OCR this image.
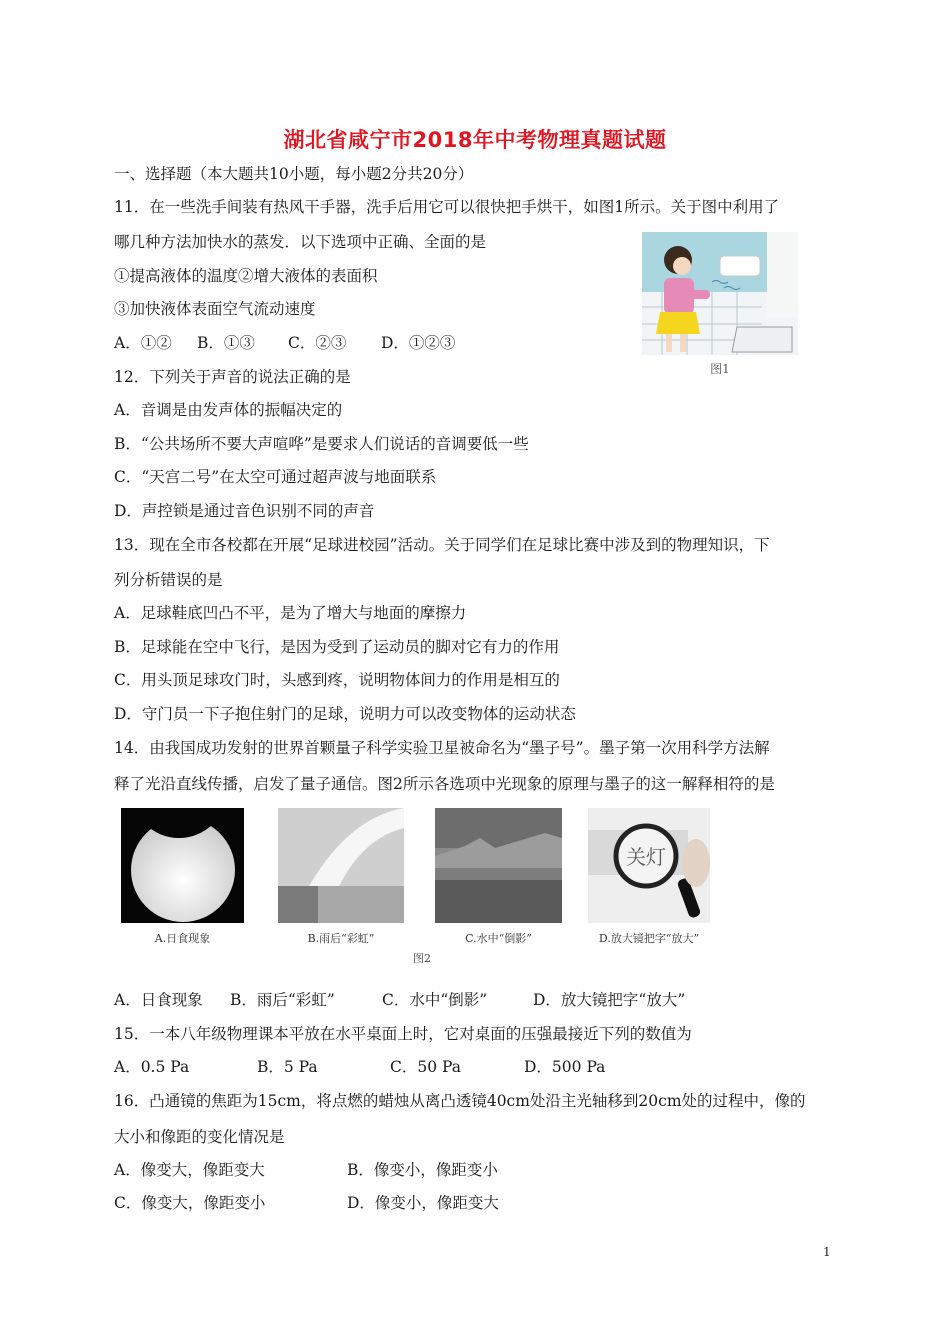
湖北省咸宁市2018年中考物理真题试题
一、选择题（本大题共10小题，每小题2分共20分）
11．在一些洗手间装有热风干手器，洗手后用它可以很快把手烘干，如图1所示。关于图中利用了
哪几种方法加快水的蒸发．以下选项中正确、全面的是
①提高液体的温度②增大液体的表面积
③加快液体表面空气流动速度
A．①② B．①③ C．②③ D．①②③
图1
12．下列关于声音的说法正确的是
A．音调是由发声体的振幅决定的
B．“公共场所不要大声喧哗”是要求人们说话的音调要低一些
C．“天宫二号”在太空可通过超声波与地面联系
D．声控锁是通过音色识别不同的声音
13．现在全市各校都在开展“足球进校园”活动。关于同学们在足球比赛中涉及到的物理知识，下
列分析错误的是
A．足球鞋底凹凸不平，是为了增大与地面的摩擦力
B．足球能在空中飞行，是因为受到了运动员的脚对它有力的作用
C．用头顶足球攻门时，头感到疼，说明物体间力的作用是相互的
D．守门员一下子抱住射门的足球，说明力可以改变物体的运动状态
14．由我国成功发射的世界首颗量子科学实验卫星被命名为“墨子号”。墨子第一次用科学方法解
释了光沿直线传播，启发了量子通信。图2所示各选项中光现象的原理与墨子的这一解释相符的是
关灯
A.日食现象	B.雨后“彩虹”	C.水中“倒影”	D.放大镜把字“放大”
图2
A．日食现象 B．雨后“彩虹”	C．水中“倒影”	D．放大镜把字“放大”
15．一本八年级物理课本平放在水平桌面上时，它对桌面的压强最接近下列的数值为
A．0.5 Pa	B．5 Pa	C．50 Pa	D．500 Pa
16．凸通镜的焦距为15cm，将点燃的蜡烛从离凸透镜40cm处沿主光轴移到20cm处的过程中，像的
大小和像距的变化情况是
A．像变大，像距变大	B．像变小，像距变小
C．像变大，像距变小	D．像变小，像距变大
1
